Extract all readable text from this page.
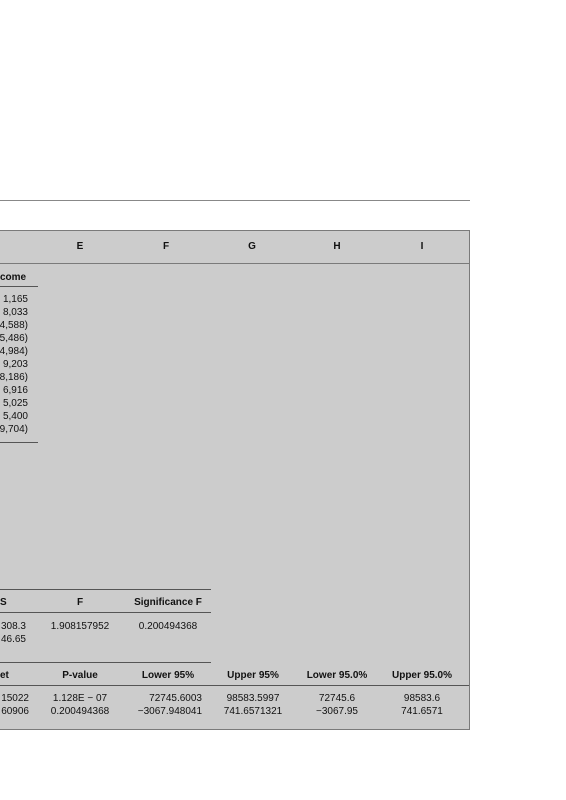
E	F	G	H	I
come
1,165
8,033
4,588)
5,486)
4,984)
9,203
8,186)
6,916
5,025
5,400
9,704)
S	F	Significance F
308.3	1.908157952	0.200494368
46.65
et	P-value	Lower 95%	Upper 95%	Lower 95.0%	Upper 95.0%
15022	1.128E − 07	72745.6003	98583.5997	72745.6	98583.6
60906	0.200494368	−3067.948041	741.6571321	−3067.95	741.6571
